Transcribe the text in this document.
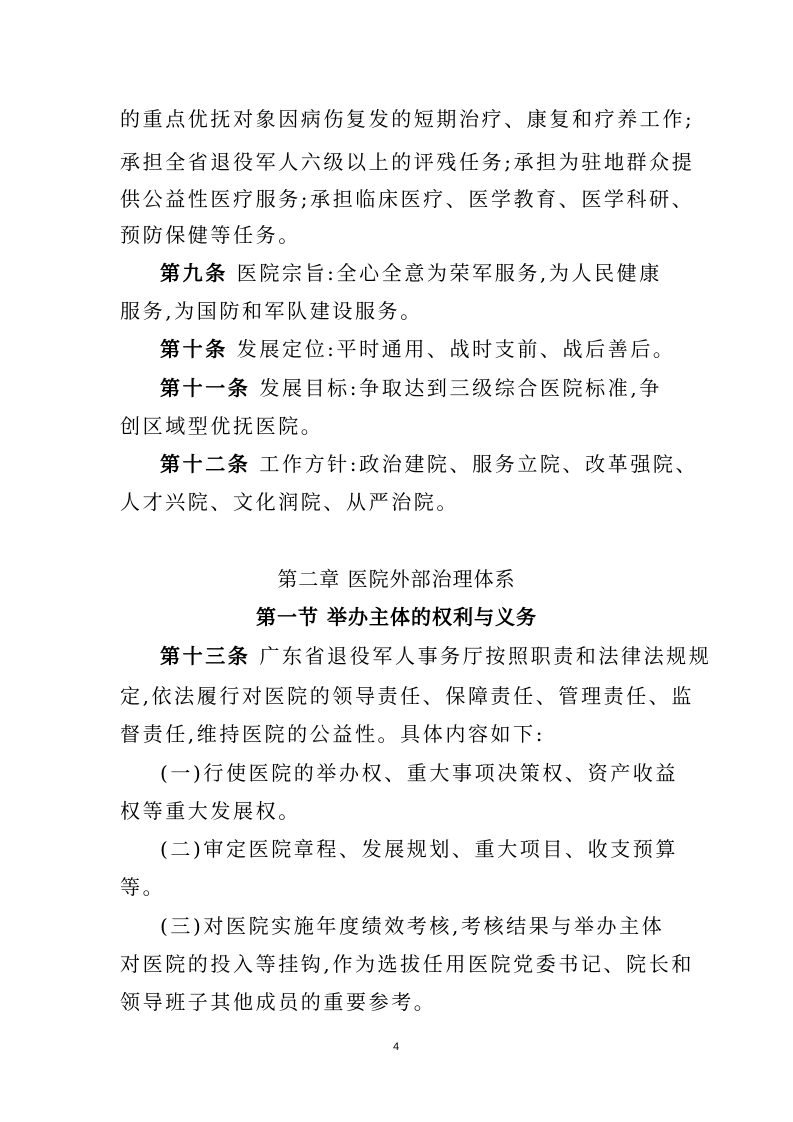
的重点优抚对象因病伤复发的短期治疗、康复和疗养工作;
承担全省退役军人六级以上的评残任务;承担为驻地群众提
供公益性医疗服务;承担临床医疗、医学教育、医学科研、
预防保健等任务。
第九条 医院宗旨:全心全意为荣军服务,为人民健康
服务,为国防和军队建设服务。
第十条 发展定位:平时通用、战时支前、战后善后。
第十一条 发展目标:争取达到三级综合医院标准,争
创区域型优抚医院。
第十二条 工作方针:政治建院、服务立院、改革强院、
人才兴院、文化润院、从严治院。
第二章 医院外部治理体系
第一节 举办主体的权利与义务
第十三条 广东省退役军人事务厅按照职责和法律法规规
定,依法履行对医院的领导责任、保障责任、管理责任、监
督责任,维持医院的公益性。具体内容如下:
(一)行使医院的举办权、重大事项决策权、资产收益
权等重大发展权。
(二)审定医院章程、发展规划、重大项目、收支预算
等。
(三)对医院实施年度绩效考核,考核结果与举办主体
对医院的投入等挂钩,作为选拔任用医院党委书记、院长和
领导班子其他成员的重要参考。
4
